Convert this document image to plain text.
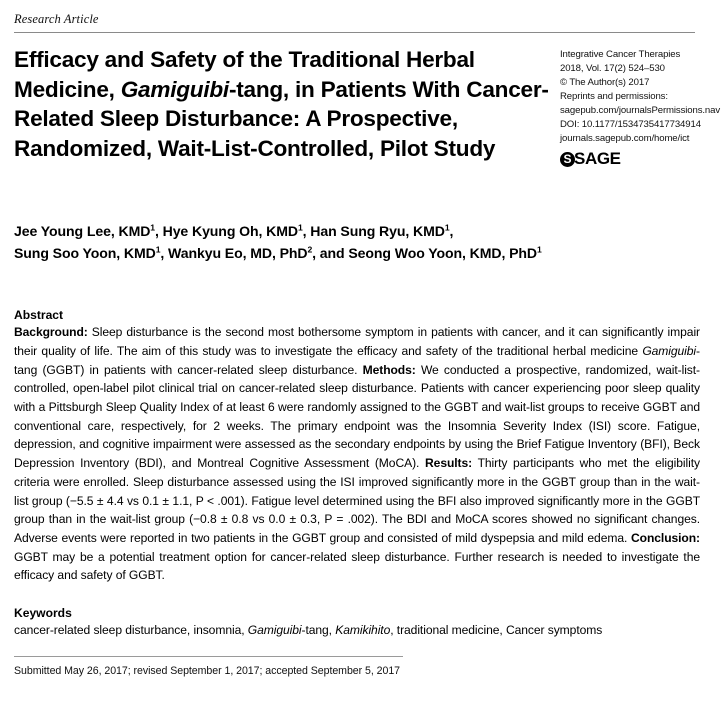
Research Article
Efficacy and Safety of the Traditional Herbal Medicine, Gamiguibi-tang, in Patients With Cancer-Related Sleep Disturbance: A Prospective, Randomized, Wait-List-Controlled, Pilot Study
Integrative Cancer Therapies
2018, Vol. 17(2) 524–530
© The Author(s) 2017
Reprints and permissions:
sagepub.com/journalsPermissions.nav
DOI: 10.1177/1534735417734914
journals.sagepub.com/home/ict
S SAGE
Jee Young Lee, KMD$^1$, Hye Kyung Oh, KMD$^1$, Han Sung Ryu, KMD$^1$,
Sung Soo Yoon, KMD$^1$, Wankyu Eo, MD, PhD$^2$, and Seong Woo Yoon, KMD, PhD$^1$
Abstract

Background: Sleep disturbance is the second most bothersome symptom in patients with cancer, and it can significantly impair their quality of life. The aim of this study was to investigate the efficacy and safety of the traditional herbal medicine Gamiguibi-tang (GGBT) in patients with cancer-related sleep disturbance. Methods: We conducted a prospective, randomized, wait-list-controlled, open-label pilot clinical trial on cancer-related sleep disturbance. Patients with cancer experiencing poor sleep quality with a Pittsburgh Sleep Quality Index of at least 6 were randomly assigned to the GGBT and wait-list groups to receive GGBT and conventional care, respectively, for 2 weeks. The primary endpoint was the Insomnia Severity Index (ISI) score. Fatigue, depression, and cognitive impairment were assessed as the secondary endpoints by using the Brief Fatigue Inventory (BFI), Beck Depression Inventory (BDI), and Montreal Cognitive Assessment (MoCA). Results: Thirty participants who met the eligibility criteria were enrolled. Sleep disturbance assessed using the ISI improved significantly more in the GGBT group than in the wait-list group (−5.5 ± 4.4 vs 0.1 ± 1.1, P < .001). Fatigue level determined using the BFI also improved significantly more in the GGBT group than in the wait-list group (−0.8 ± 0.8 vs 0.0 ± 0.3, P = .002). The BDI and MoCA scores showed no significant changes. Adverse events were reported in two patients in the GGBT group and consisted of mild dyspepsia and mild edema. Conclusion: GGBT may be a potential treatment option for cancer-related sleep disturbance. Further research is needed to investigate the efficacy and safety of GGBT.

Keywords

cancer-related sleep disturbance, insomnia, Gamiguibi-tang, Kamikihito, traditional medicine, Cancer symptoms

Submitted May 26, 2017; revised September 1, 2017; accepted September 5, 2017
